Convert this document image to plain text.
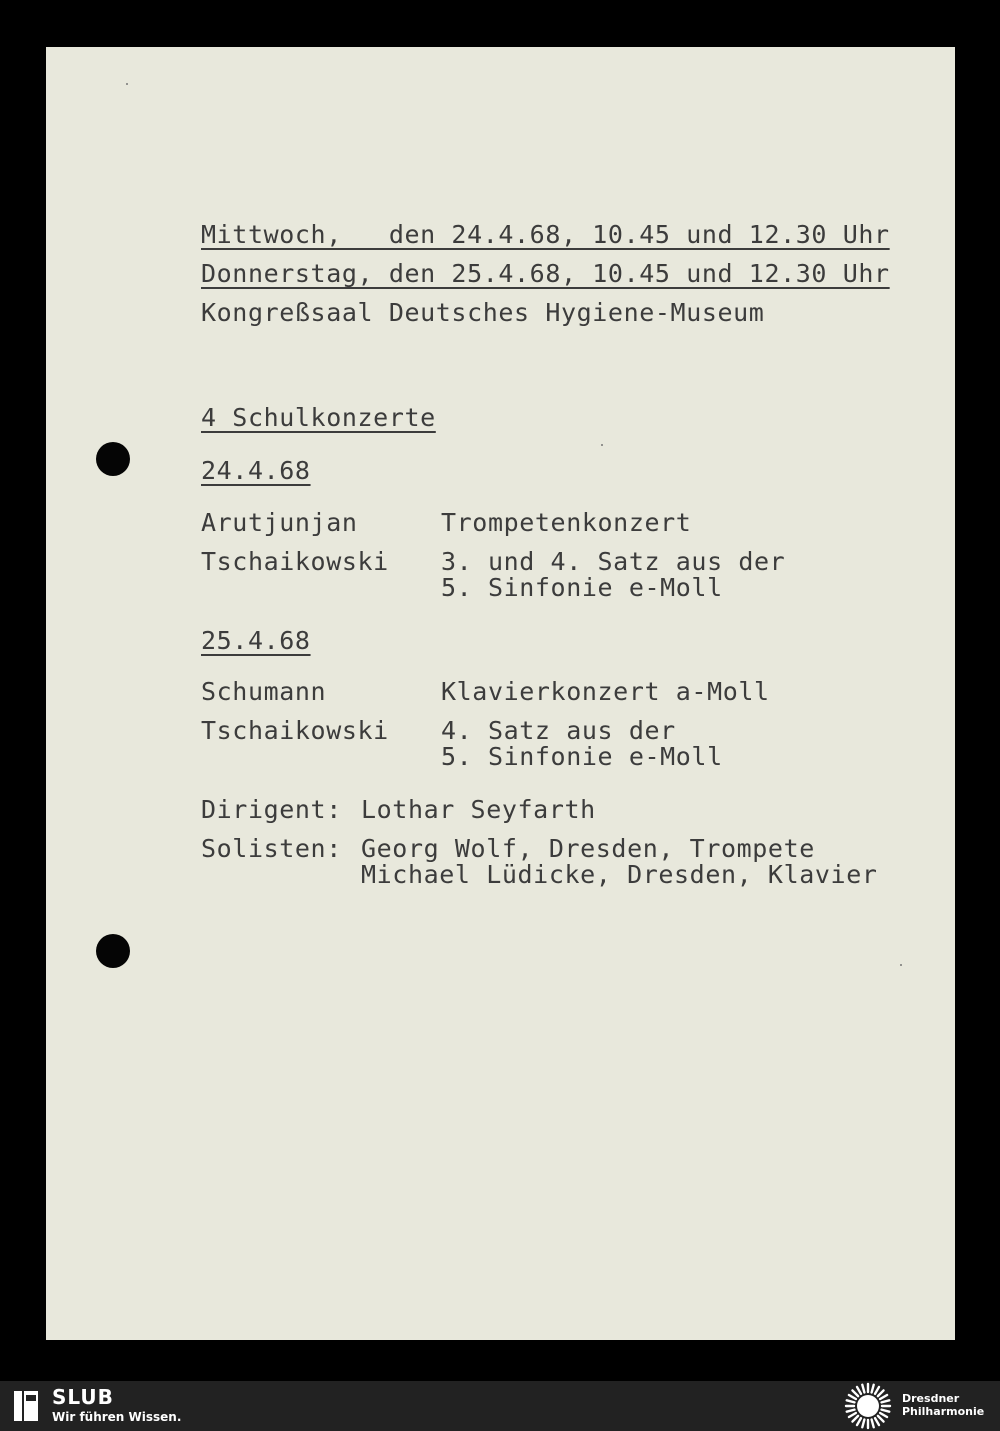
Mittwoch,   den 24.4.68, 10.45 und 12.30 Uhr
Donnerstag, den 25.4.68, 10.45 und 12.30 Uhr
Kongreßsaal Deutsches Hygiene-Museum
4 Schulkonzerte
24.4.68
Arutjunjan	Trompetenkonzert
Tschaikowski 3. und 4. Satz aus der
5. Sinfonie e-Moll
25.4.68
Schumann	Klavierkonzert a-Moll
Tschaikowski 4. Satz aus der
5. Sinfonie e-Moll
Dirigent: Lothar Seyfarth
Solisten: Georg Wolf, Dresden, Trompete
Michael Lüdicke, Dresden, Klavier
SLUB
Wir führen Wissen.
Dresdner
Philharmonie
